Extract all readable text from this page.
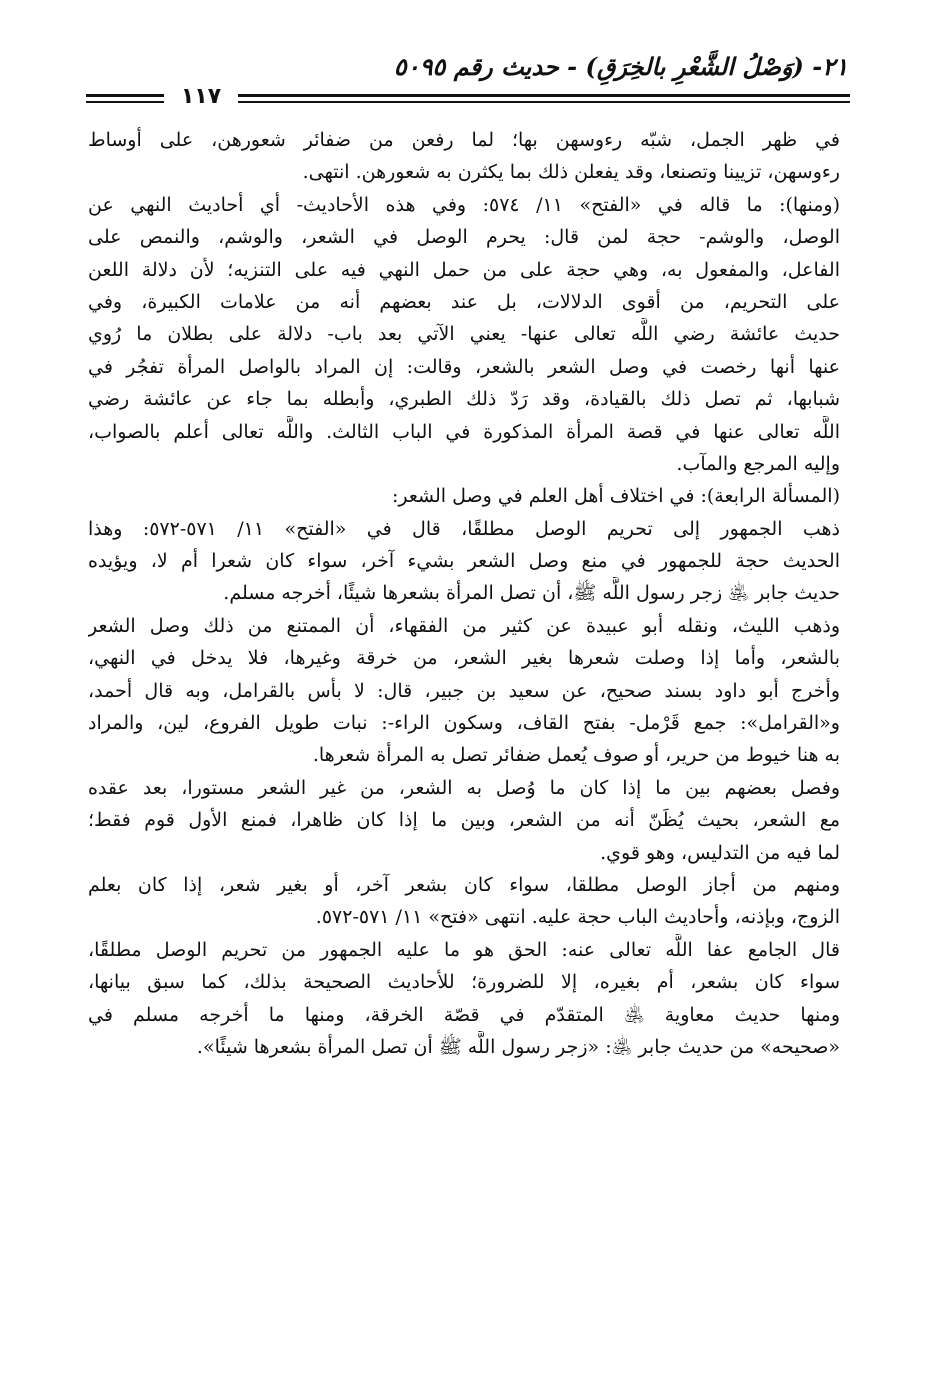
٢١- (وَصْلُ الشَّعْرِ بالخِرَقِ) - حديث رقم ٥٠٩٥
١١٧
في ظهر الجمل، شبّه رءوسهن بها؛ لما رفعن من ضفائر شعورهن، على أوساط
رءوسهن، تزيينا وتصنعا، وقد يفعلن ذلك بما يكثرن به شعورهن. انتهى.
(ومنها): ما قاله في «الفتح» ١١/ ٥٧٤: وفي هذه الأحاديث- أي أحاديث النهي عن
الوصل، والوشم- حجة لمن قال: يحرم الوصل في الشعر، والوشم، والنمص على
الفاعل، والمفعول به، وهي حجة على من حمل النهي فيه على التنزيه؛ لأن دلالة اللعن
على التحريم، من أقوى الدلالات، بل عند بعضهم أنه من علامات الكبيرة، وفي
حديث عائشة رضي اللَّه تعالى عنها- يعني الآتي بعد باب- دلالة على بطلان ما رُوي
عنها أنها رخصت في وصل الشعر بالشعر، وقالت: إن المراد بالواصل المرأة تفجُر في
شبابها، ثم تصل ذلك بالقيادة، وقد رَدّ ذلك الطبري، وأبطله بما جاء عن عائشة رضي
اللَّه تعالى عنها في قصة المرأة المذكورة في الباب الثالث. واللَّه تعالى أعلم بالصواب،
وإليه المرجع والمآب.
(المسألة الرابعة): في اختلاف أهل العلم في وصل الشعر:
ذهب الجمهور إلى تحريم الوصل مطلقًا، قال في «الفتح» ١١/ ٥٧١-٥٧٢: وهذا
الحديث حجة للجمهور في منع وصل الشعر بشيء آخر، سواء كان شعرا أم لا، ويؤيده
حديث جابر ﵁ زجر رسول اللَّه ﷺ، أن تصل المرأة بشعرها شيئًا، أخرجه مسلم.
وذهب الليث، ونقله أبو عبيدة عن كثير من الفقهاء، أن الممتنع من ذلك وصل الشعر
بالشعر، وأما إذا وصلت شعرها بغير الشعر، من خرقة وغيرها، فلا يدخل في النهي،
وأخرج أبو داود بسند صحيح، عن سعيد بن جبير، قال: لا بأس بالقرامل، وبه قال أحمد،
و«القرامل»: جمع قَرْمل- بفتح القاف، وسكون الراء-: نبات طويل الفروع، لين، والمراد
به هنا خيوط من حرير، أو صوف يُعمل ضفائر تصل به المرأة شعرها.
وفصل بعضهم بين ما إذا كان ما وُصل به الشعر، من غير الشعر مستورا، بعد عقده
مع الشعر، بحيث يُظَنّ أنه من الشعر، وبين ما إذا كان ظاهرا، فمنع الأول قوم فقط؛
لما فيه من التدليس، وهو قوي.
ومنهم من أجاز الوصل مطلقا، سواء كان بشعر آخر، أو بغير شعر، إذا كان بعلم
الزوج، وبإذنه، وأحاديث الباب حجة عليه. انتهى «فتح» ١١/ ٥٧١-٥٧٢.
قال الجامع عفا اللَّه تعالى عنه: الحق هو ما عليه الجمهور من تحريم الوصل مطلقًا،
سواء كان بشعر، أم بغيره، إلا للضرورة؛ للأحاديث الصحيحة بذلك، كما سبق بيانها،
ومنها حديث معاوية ﵁ المتقدّم في قصّة الخرقة، ومنها ما أخرجه مسلم في
«صحيحه» من حديث جابر ﵁: «زجر رسول اللَّه ﷺ أن تصل المرأة بشعرها شيئًا».
